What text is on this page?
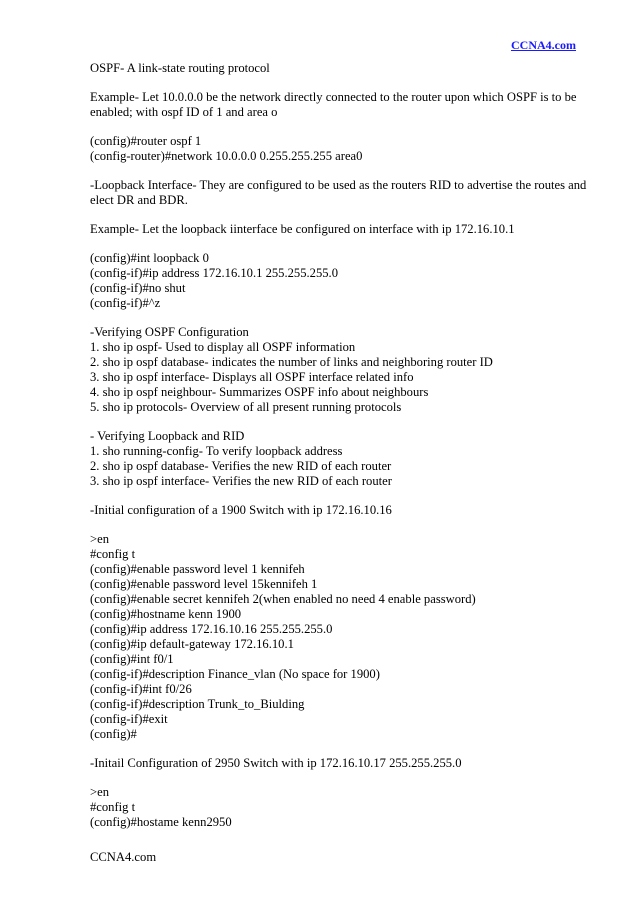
CCNA4.com
OSPF- A link-state routing protocol
Example- Let 10.0.0.0 be the network directly connected to the router upon which OSPF is to be enabled; with ospf ID of 1 and area o
(config)#router ospf 1
(config-router)#network 10.0.0.0 0.255.255.255 area0
-Loopback Interface- They are configured to be used as the routers RID to advertise the routes and elect DR and BDR.
Example- Let the loopback iinterface be configured on interface with ip 172.16.10.1
(config)#int loopback 0
(config-if)#ip address 172.16.10.1 255.255.255.0
(config-if)#no shut
(config-if)#^z
-Verifying OSPF Configuration
1. sho ip ospf- Used to display all OSPF information
2. sho ip ospf database- indicates the number of links and neighboring router ID
3. sho ip ospf interface- Displays all OSPF interface related info
4. sho ip ospf neighbour- Summarizes OSPF info about neighbours
5. sho ip protocols- Overview of all present running protocols
- Verifying Loopback and RID
1. sho running-config- To verify loopback address
2. sho ip ospf database- Verifies the new RID of each router
3. sho ip ospf interface- Verifies the new RID of each router
-Initial configuration of a 1900 Switch with ip 172.16.10.16
>en
#config t
(config)#enable password level 1 kennifeh
(config)#enable password level 15kennifeh 1
(config)#enable secret kennifeh 2(when enabled no need 4 enable password)
(config)#hostname kenn 1900
(config)#ip address 172.16.10.16 255.255.255.0
(config)#ip default-gateway 172.16.10.1
(config)#int f0/1
(config-if)#description Finance_vlan (No space for 1900)
(config-if)#int f0/26
(config-if)#description Trunk_to_Biulding
(config-if)#exit
(config)#
-Initail Configuration of 2950 Switch with ip 172.16.10.17 255.255.255.0
>en
#config t
(config)#hostame kenn2950
CCNA4.com
